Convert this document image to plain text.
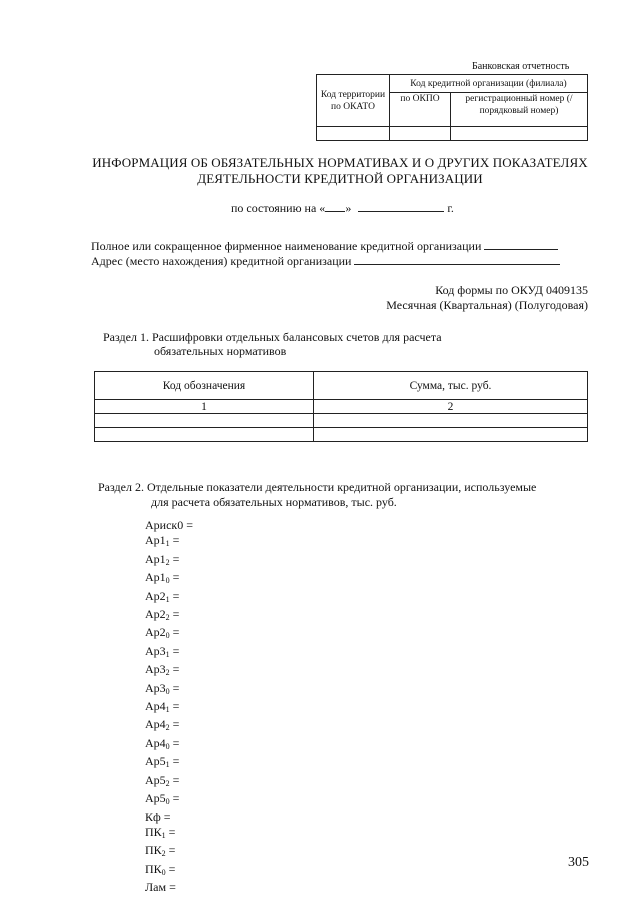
Банковская отчетность
Код территории по ОКАТО	Код кредитной организации (филиала)	
	по ОКПО	регистрационный номер (/порядковый номер)

ИНФОРМАЦИЯ ОБ ОБЯЗАТЕЛЬНЫХ НОРМАТИВАХ И О ДРУГИХ ПОКАЗАТЕЛЯХ
ДЕЯТЕЛЬНОСТИ КРЕДИТНОЙ ОРГАНИЗАЦИИ
по состоянию на « »	г.
Полное или сокращенное фирменное наименование кредитной организации
Адрес (место нахождения) кредитной организации
Код формы по ОКУД 0409135
Месячная (Квартальная) (Полугодовая)
Раздел 1. Расшифровки отдельных балансовых счетов для расчета
обязательных нормативов
Код обозначения	Сумма, тыс. руб.
1	2

Раздел 2. Отдельные показатели деятельности кредитной организации, используемые
для расчета обязательных нормативов, тыс. руб.
Ариск0 =
$Ар1_1$ =
$Ар1_2$ =
$Ар1_0$ =
$Ар2_1$ =
$Ар2_2$ =
$Ар2_0$ =
$Ар3_1$ =
$Ар3_2$ =
$Ар3_0$ =
$Ар4_1$ =
$Ар4_2$ =
$Ар4_0$ =
$Ар5_1$ =
$Ар5_2$ =
$Ар5_0$ =
Кф =
$ПК_1$ =
$ПК_2$ =
$ПК_0$ =
Лам =
305
